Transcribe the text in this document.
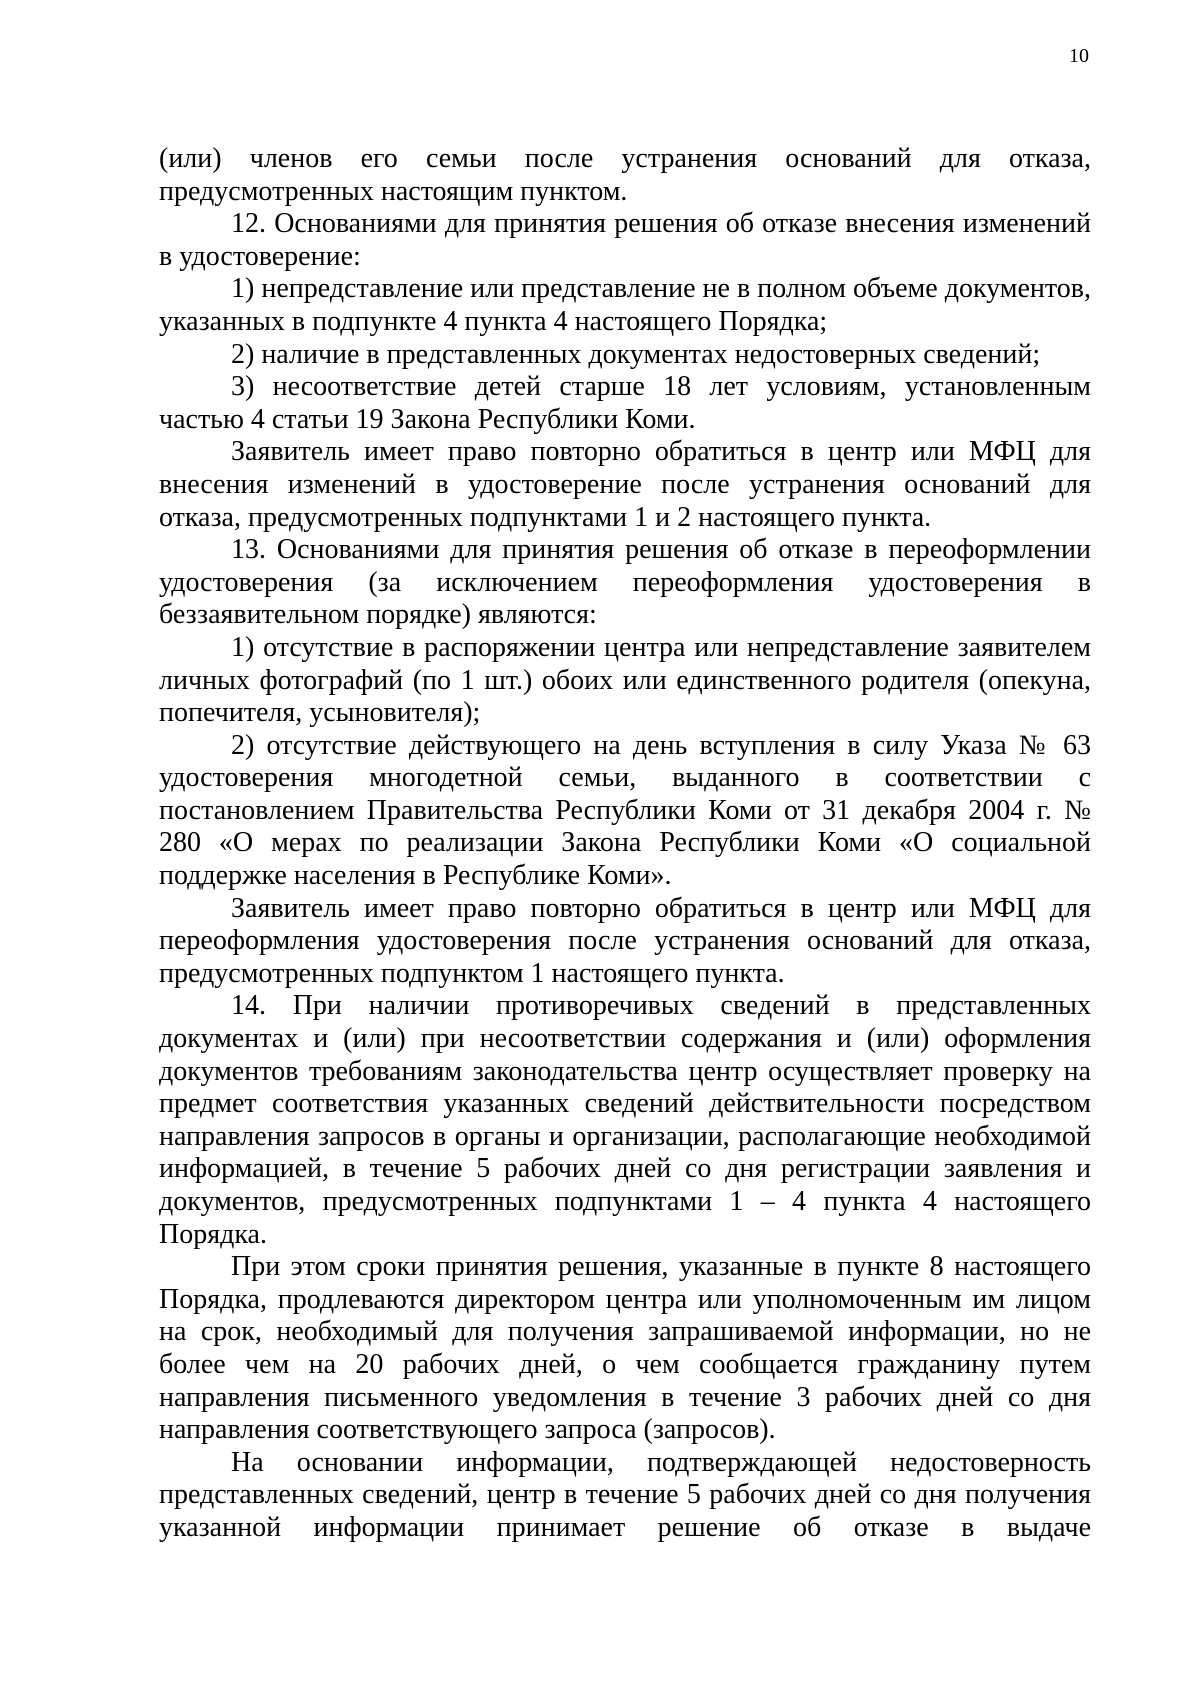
10

(или) членов его семьи после устранения оснований для отказа, предусмотренных настоящим пунктом.

12. Основаниями для принятия решения об отказе внесения изменений в удостоверение:

1) непредставление или представление не в полном объеме документов, указанных в подпункте 4 пункта 4 настоящего Порядка;

2) наличие в представленных документах недостоверных сведений;

3) несоответствие детей старше 18 лет условиям, установленным частью 4 статьи 19 Закона Республики Коми.

Заявитель имеет право повторно обратиться в центр или МФЦ для внесения изменений в удостоверение после устранения оснований для отказа, предусмотренных подпунктами 1 и 2 настоящего пункта.

13. Основаниями для принятия решения об отказе в переоформлении удостоверения (за исключением переоформления удостоверения в беззаявительном порядке) являются:

1) отсутствие в распоряжении центра или непредставление заявителем личных фотографий (по 1 шт.) обоих или единственного родителя (опекуна, попечителя, усыновителя);

2) отсутствие действующего на день вступления в силу Указа № 63 удостоверения многодетной семьи, выданного в соответствии с постановлением Правительства Республики Коми от 31 декабря 2004 г. № 280 «О мерах по реализации Закона Республики Коми «О социальной поддержке населения в Республике Коми».

Заявитель имеет право повторно обратиться в центр или МФЦ для переоформления удостоверения после устранения оснований для отказа, предусмотренных подпунктом 1 настоящего пункта.

14. При наличии противоречивых сведений в представленных документах и (или) при несоответствии содержания и (или) оформления документов требованиям законодательства центр осуществляет проверку на предмет соответствия указанных сведений действительности посредством направления запросов в органы и организации, располагающие необходимой информацией, в течение 5 рабочих дней со дня регистрации заявления и документов, предусмотренных подпунктами 1 – 4 пункта 4 настоящего Порядка.

При этом сроки принятия решения, указанные в пункте 8 настоящего Порядка, продлеваются директором центра или уполномоченным им лицом на срок, необходимый для получения запрашиваемой информации, но не более чем на 20 рабочих дней, о чем сообщается гражданину путем направления письменного уведомления в течение 3 рабочих дней со дня направления соответствующего запроса (запросов).

На основании информации, подтверждающей недостоверность представленных сведений, центр в течение 5 рабочих дней со дня получения указанной информации принимает решение об отказе в выдаче
